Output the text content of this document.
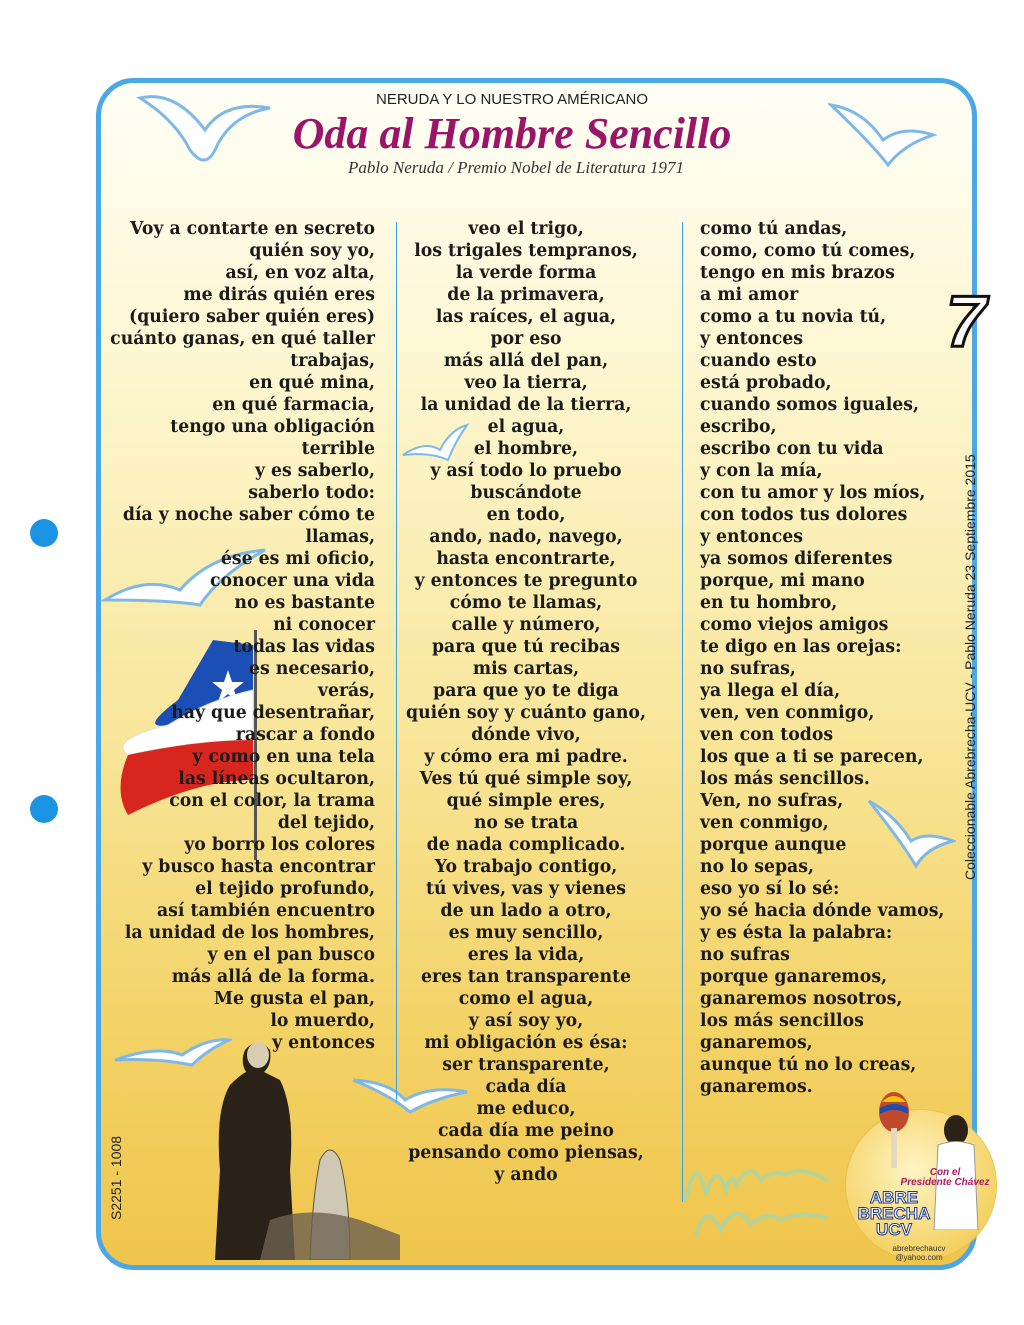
NERUDA Y LO NUESTRO AMÉRICANO
Oda al Hombre Sencillo
Pablo Neruda / Premio Nobel de Literatura 1971
Voy a contarte en secreto
quién soy yo,
así, en voz alta,
me dirás quién eres
(quiero saber quién eres)
cuánto ganas, en qué taller
trabajas,
en qué mina,
en qué farmacia,
tengo una obligación
terrible
y es saberlo,
saberlo todo:
día y noche saber cómo te
llamas,
ése es mi oficio,
conocer una vida
no es bastante
ni conocer
todas las vidas
es necesario,
verás,
hay que desentrañar,
rascar a fondo
y como en una tela
las líneas ocultaron,
con el color, la trama
del tejido,
yo borro los colores
y busco hasta encontrar
el tejido profundo,
así también encuentro
la unidad de los hombres,
y en el pan busco
más allá de la forma.
Me gusta el pan,
lo muerdo,
y entonces
veo el trigo,
los trigales tempranos,
la verde forma
de la primavera,
las raíces, el agua,
por eso
más allá del pan,
veo la tierra,
la unidad de la tierra,
el agua,
el hombre,
y así todo lo pruebo
buscándote
en todo,
ando, nado, navego,
hasta encontrarte,
y entonces te pregunto
cómo te llamas,
calle y número,
para que tú recibas
mis cartas,
para que yo te diga
quién soy y cuánto gano,
dónde vivo,
y cómo era mi padre.
Ves tú qué simple soy,
qué simple eres,
no se trata
de nada complicado.
Yo trabajo contigo,
tú vives, vas y vienes
de un lado a otro,
es muy sencillo,
eres la vida,
eres tan transparente
como el agua,
y así soy yo,
mi obligación es ésa:
ser transparente,
cada día
me educo,
cada día me peino
pensando como piensas,
y ando
como tú andas,
como, como tú comes,
tengo en mis brazos
a mi amor
como a tu novia tú,
y entonces
cuando esto
está probado,
cuando somos iguales,
escribo,
escribo con tu vida
y con la mía,
con tu amor y los míos,
con todos tus dolores
y entonces
ya somos diferentes
porque, mi mano
en tu hombro,
como viejos amigos
te digo en las orejas:
no sufras,
ya llega el día,
ven, ven conmigo,
ven con todos
los que a ti se parecen,
los más sencillos.
Ven, no sufras,
ven conmigo,
porque aunque
no lo sepas,
eso yo sí lo sé:
yo sé hacia dónde vamos,
y es ésta la palabra:
no sufras
porque ganaremos,
ganaremos nosotros,
los más sencillos
ganaremos,
aunque tú no lo creas,
ganaremos.
7
Coleccionable Abrebrecha-UCV - Pablo Neruda 23 Septiembre 2015
S2251 - 1008	Con el
Presidente Chávez
ABRE
BRECHA
UCV
abrebrechaucv
@yahoo.com
